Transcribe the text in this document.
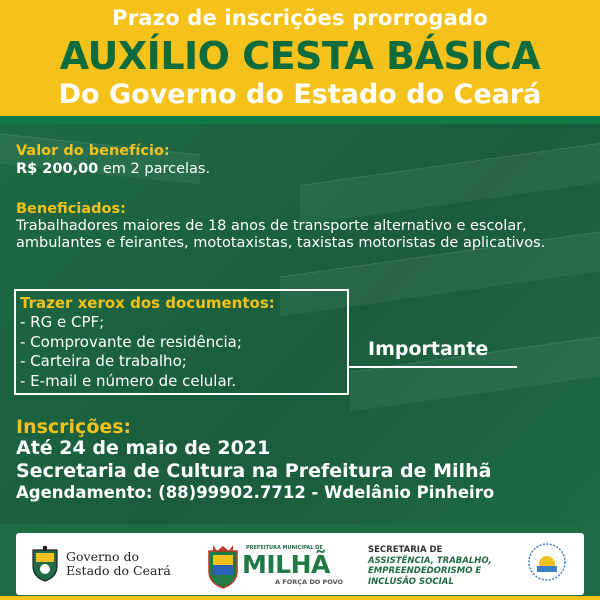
Prazo de inscrições prorrogado
AUXÍLIO CESTA BÁSICA
Do Governo do Estado do Ceará
Valor do benefício:
R$ 200,00 em 2 parcelas.
Beneficiados:
Trabalhadores maiores de 18 anos de transporte alternativo e escolar, ambulantes e feirantes, mototaxistas, taxistas motoristas de aplicativos.
Trazer xerox dos documentos:
- RG e CPF;
- Comprovante de residência;
- Carteira de trabalho;
- E-mail e número de celular.
Importante
Inscrições:
Até 24 de maio de 2021
Secretaria de Cultura na Prefeitura de Milhã
Agendamento: (88)99902.7712 - Wdelânio Pinheiro
Governo do
Estado do Ceará
PREFEITURA MUNICIPAL DE
MILHÃ
A FORÇA DO POVO
SECRETARIA DE
ASSISTÊNCIA, TRABALHO,
EMPREENDEDORISMO E
INCLUSÃO SOCIAL
